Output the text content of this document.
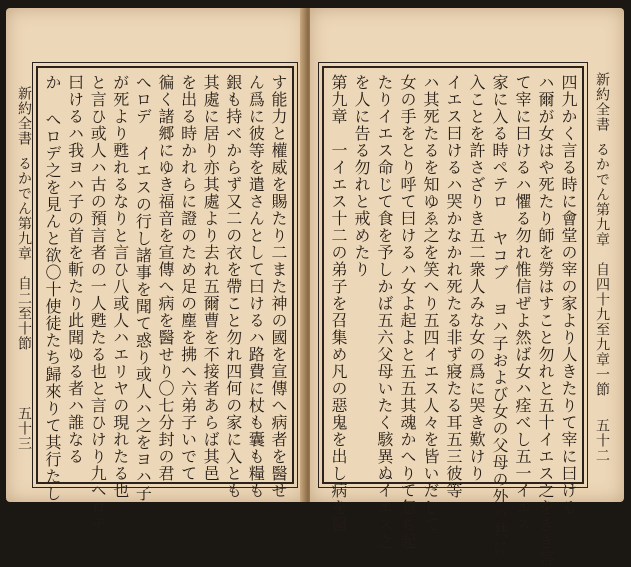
新約全書
るかでん第九章　自二至十節
五十三	す能力と權威を賜たり二また神の國を宣傳へ病者を醫せ
ん爲に彼等を遣さんとして曰けるハ路費に杖も囊も糧も
銀も持べからず又二の衣を帶こと勿れ四何の家に入とも
其處に居り亦其處より去れ五爾曹を不接者あらば其邑
を出る時かれらに證のため足の塵を拂へ六弟子いでて
徧く諸郷にゆき福音を宣傳へ病を醫せり〇七分封の君
へロデ イエスの行し諸事を聞て惑り或人ハ之をヨハ子
が死より甦れるなりと言ひ八或人ハエリヤの現れたる也
と言ひ或人ハ古の預言者の一人甦たる也と言ひけり九ヘロデ
曰けるハ我ヨハ子の首を斬たり此聞ゆる者ハ誰なる
か へロデ之を見んと欲〇十使徒たち歸來りて其行たし	新約全書
るかでん第九章　自四十九至九章一節
五十二
四九かく言る時に會堂の宰の家より人きたりて宰に曰ける
ハ爾が女はや死たり師を勞はすこと勿れと五十イエス之をきき答
て宰に曰けるハ懼る勿れ惟信ぜよ然ば女ハ痊べし五一イエス
家に入る時ペテロ ヤコブ ヨハ子および女の父母の外ハ共に
入ことを許さざりき五二衆人みな女の爲に哭き歎けり
イエス曰けるハ哭かなかれ死たる非ず寢たる耳五三彼等
ハ其死たるを知ゆゑ之を笑へり五四イエス人々を皆いだして
女の手をとり呼て曰けるハ女よ起よと五五其魂かへりて忽ち起
たりイエス命じて食を予しかば五六父母いたく駭異ぬイエス之
を人に告る勿れと戒めたり
第九章　一イエス十二の弟子を召集め凡の惡鬼を出し病を醫
